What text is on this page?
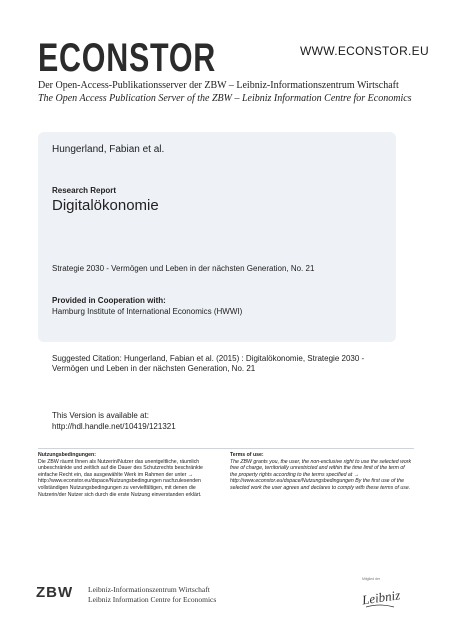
ECONSTOR	WWW.ECONSTOR.EU
Der Open-Access-Publikationsserver der ZBW – Leibniz-Informationszentrum Wirtschaft
The Open Access Publication Server of the ZBW – Leibniz Information Centre for Economics
Hungerland, Fabian et al.
Research Report
Digitalökonomie
Strategie 2030 - Vermögen und Leben in der nächsten Generation, No. 21
Provided in Cooperation with:
Hamburg Institute of International Economics (HWWI)
Suggested Citation: Hungerland, Fabian et al. (2015) : Digitalökonomie, Strategie 2030 - Vermögen und Leben in der nächsten Generation, No. 21
This Version is available at:
http://hdl.handle.net/10419/121321
Nutzungsbedingungen:
Die ZBW räumt Ihnen als Nutzerin/Nutzer das unentgeltliche, räumlich unbeschränkte und zeitlich auf die Dauer des Schutzrechts beschränkte einfache Recht ein, das ausgewählte Werk im Rahmen der unter → http://www.econstor.eu/dspace/Nutzungsbedingungen nachzulesenden vollständigen Nutzungsbedingungen zu vervielfältigen, mit denen die Nutzerin/der Nutzer sich durch die erste Nutzung einverstanden erklärt.
Terms of use:
The ZBW grants you, the user, the non-exclusive right to use the selected work free of charge, territorially unrestricted and within the time limit of the term of the property rights according to the terms specified at → http://www.econstor.eu/dspace/Nutzungsbedingungen By the first use of the selected work the user agrees and declares to comply with these terms of use.
ZBW Leibniz-Informationszentrum Wirtschaft
Leibniz Information Centre for Economics
Mitglied der
Leibniz
